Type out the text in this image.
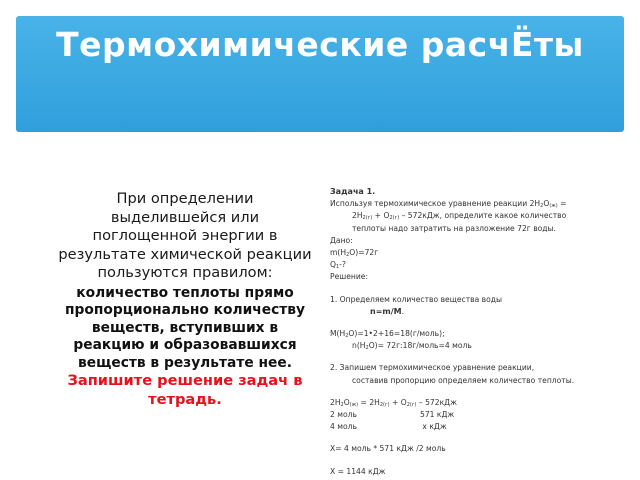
Термохимические расчЁты
При определении выделившейся или поглощенной энергии в результате химической реакции пользуются правилом:
количество теплоты прямо пропорционально количеству веществ, вступивших в реакцию и образовавшихся веществ в результате нее. Запишите решение задач в тетрадь.
Задача 1.
Используя термохимическое уравнение реакции $2H_2O_{(ж)}$ =
$2H_{2(г)} + O_{2(г)} - 572кДж$, определите какое количество
теплоты надо затратить на разложение 72г воды.
Дано:
$m(H_2O)=72г$
$Q_1-$?
Решение:
1. Определяем количество вещества воды
n=m/M.
$M(H_2O)=1•2+16=18(г/моль)$;
$n(H_2O)=$ 72г:18г/моль=4 моль
2. Запишем термохимическое уравнение реакции,
составив пропорцию определяем количество теплоты.
$2H_2O_{(ж)} = 2H_{2(г)} + O_{2(г)} - 572кДж$
2 моль	571 кДж
4 моль	х кДж
Х= 4 моль * 571 кДж /2 моль
Х = 1144 кДж
